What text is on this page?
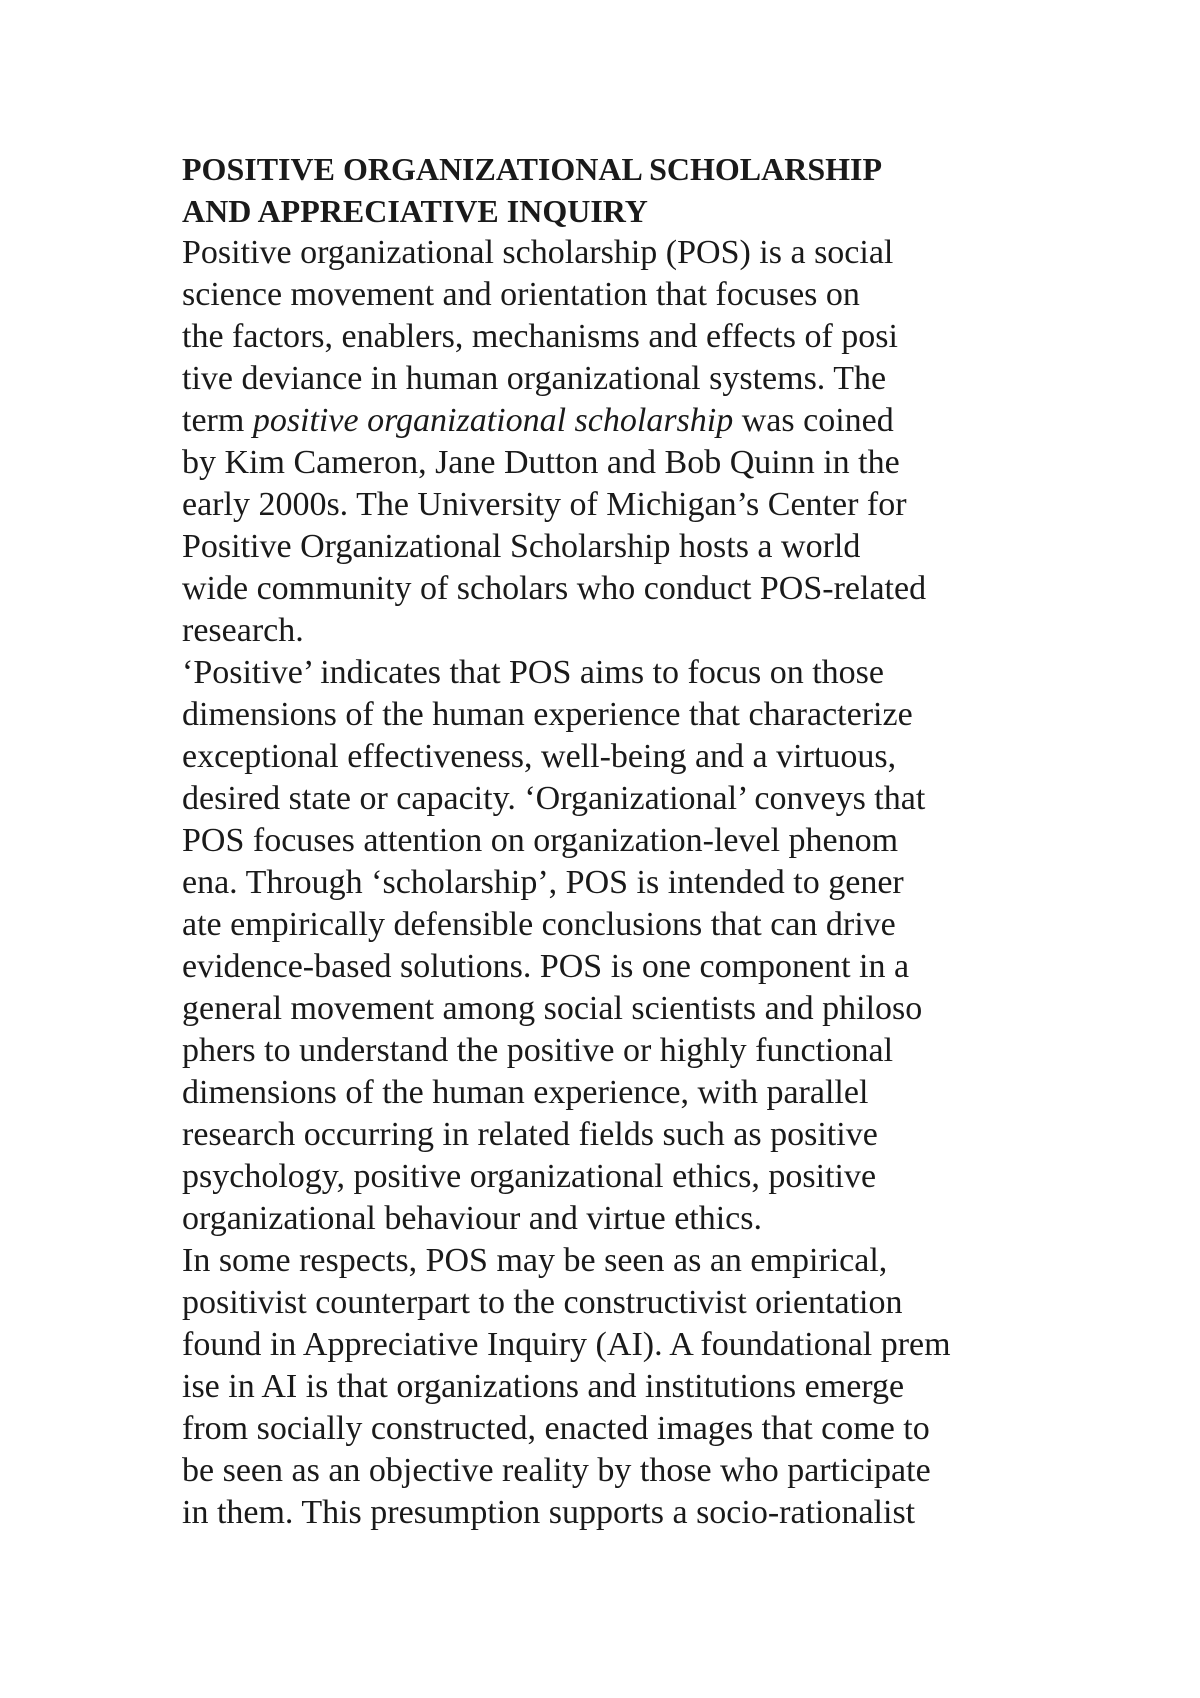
POSITIVE ORGANIZATIONAL SCHOLARSHIP
AND APPRECIATIVE INQUIRY
Positive organizational scholarship (POS) is a social
science movement and orientation that focuses on
the factors, enablers, mechanisms and effects of posi
tive deviance in human organizational systems. The
term positive organizational scholarship was coined
by Kim Cameron, Jane Dutton and Bob Quinn in the
early 2000s. The University of Michigan’s Center for
Positive Organizational Scholarship hosts a world
wide community of scholars who conduct POS-related
research.
‘Positive’ indicates that POS aims to focus on those
dimensions of the human experience that characterize
exceptional effectiveness, well-being and a virtuous,
desired state or capacity. ‘Organizational’ conveys that
POS focuses attention on organization-level phenom
ena. Through ‘scholarship’, POS is intended to gener
ate empirically defensible conclusions that can drive
evidence-based solutions. POS is one component in a
general movement among social scientists and philoso
phers to understand the positive or highly functional
dimensions of the human experience, with parallel
research occurring in related fields such as positive
psychology, positive organizational ethics, positive
organizational behaviour and virtue ethics.
In some respects, POS may be seen as an empirical,
positivist counterpart to the constructivist orientation
found in Appreciative Inquiry (AI). A foundational prem
ise in AI is that organizations and institutions emerge
from socially constructed, enacted images that come to
be seen as an objective reality by those who participate
in them. This presumption supports a socio-rationalist
